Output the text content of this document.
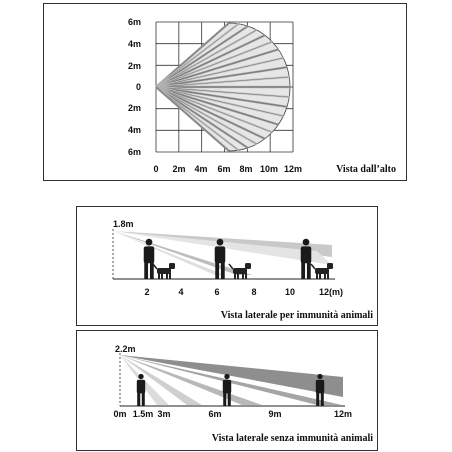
6m
4m
2m
0
2m
4m
6m
0 2m 4m 6m 8m 10m 12m	Vista dall’alto
1.8m
2	4	6	8	10	12(m)
Vista laterale per immunità animali
2.2m
0m 1.5m 3m	6m	9m	12m
Vista laterale senza immunità animali
